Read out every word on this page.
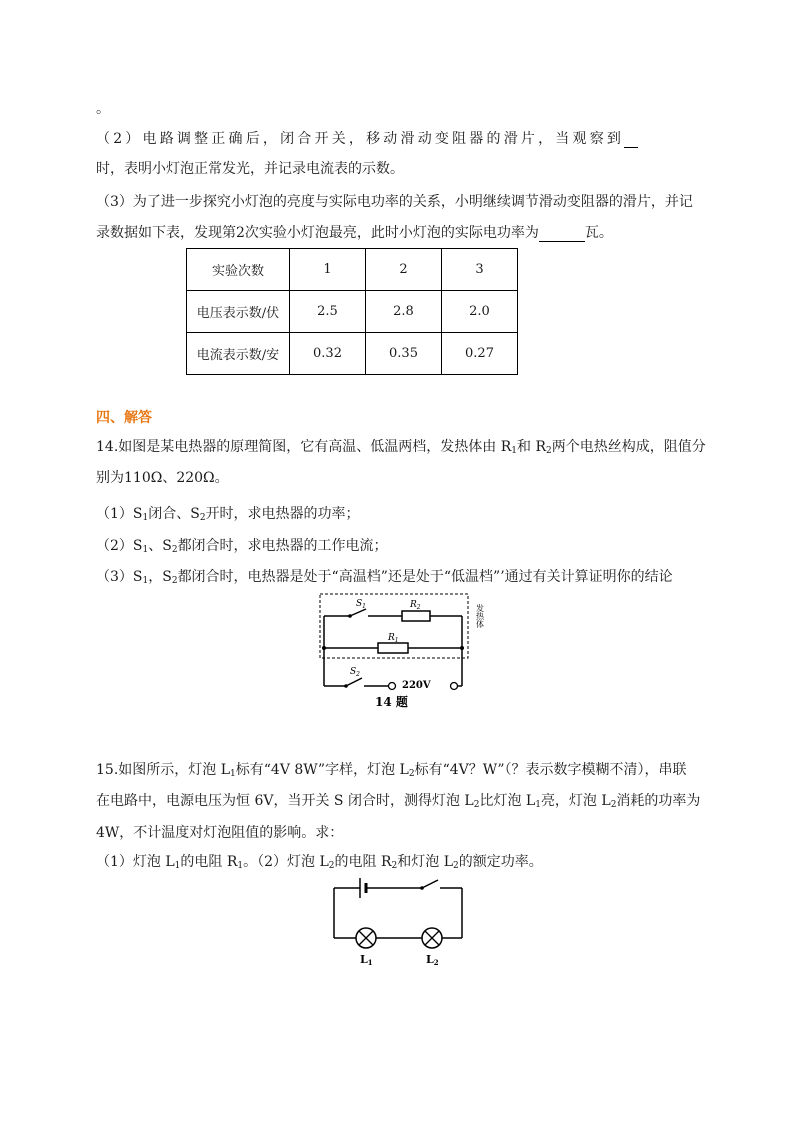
。
（2）电路调整正确后，闭合开关，移动滑动变阻器的滑片，当观察到
时，表明小灯泡正常发光，并记录电流表的示数。
（3）为了进一步探究小灯泡的亮度与实际电功率的关系，小明继续调节滑动变阻器的滑片，并记
录数据如下表，发现第2次实验小灯泡最亮，此时小灯泡的实际电功率为	瓦。
实验次数	1	2	3
电压表示数/伏	2.5	2.8	2.0
电流表示数/安	0.32	0.35	0.27
四、解答
14.如图是某电热器的原理简图，它有高温、低温两档，发热体由 $R_1$和 $R_2$两个电热丝构成，阻值分
别为110Ω、220Ω。
$(1)S_1$闭合、$S_2$开时，求电热器的功率；
$(2)S_1$、$S_2$都闭合时，求电热器的工作电流；
$(3)S_1$，$S_2$都闭合时，电热器是处于“高温档”还是处于“低温档”’通过有关计算证明你的结论
$S_1$	$R_2$
$R_1$
$S_2$
220V
14 题
发热体
15.如图所示，灯泡 $L_1$标有“4V 8W”字样，灯泡 $L_2$标有“4V？W”（？表示数字模糊不清），串联
在电路中，电源电压为恒 6V，当开关 S 闭合时，测得灯泡 $L_2$比灯泡 $L_1$亮，灯泡 $L_2$消耗的功率为
4W，不计温度对灯泡阻值的影响。求：
（1）灯泡 $L_1$的电阻 $R_1$。（2）灯泡 $L_2$的电阻 $R_2$和灯泡 $L_2$的额定功率。
L1	L2
